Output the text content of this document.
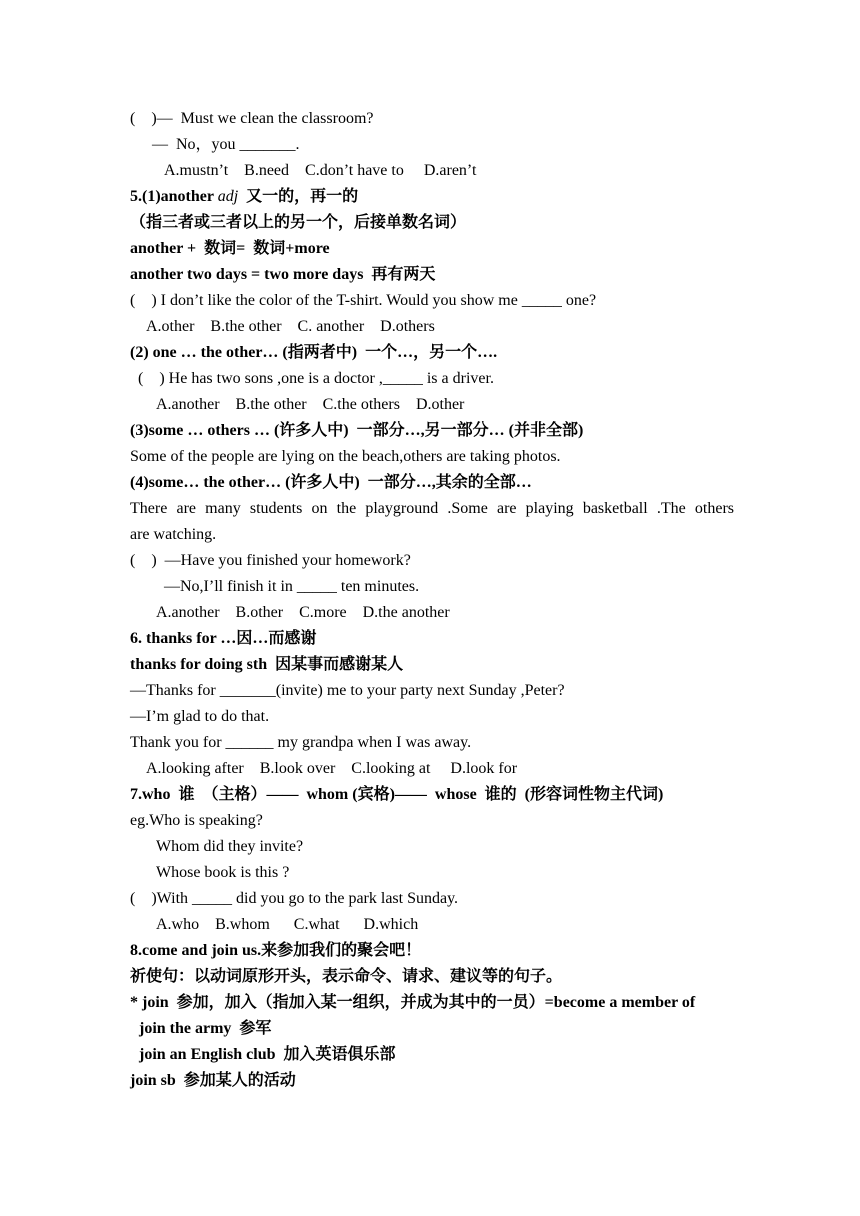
(    )—  Must we clean the classroom?
—  No，you _______.
A.mustn’t    B.need    C.don’t have to     D.aren’t
5.(1)another adj  又一的，再一的
（指三者或三者以上的另一个，后接单数名词）
another +  数词=  数词+more
another two days = two more days  再有两天
(    ) I don’t like the color of the T-shirt. Would you show me _____ one?
A.other    B.the other    C. another    D.others
(2) one … the other… (指两者中)  一个…，另一个….
(    ) He has two sons ,one is a doctor ,_____ is a driver.
A.another    B.the other    C.the others    D.other
(3)some … others … (许多人中)  一部分…,另一部分… (并非全部)
Some of the people are lying on the beach,others are taking photos.
(4)some… the other… (许多人中)  一部分…,其余的全部…
There are many students on the playground .Some are playing basketball .The others
are watching.
(    )  —Have you finished your homework?
—No,I’ll finish it in _____ ten minutes.
A.another    B.other    C.more    D.the another
6. thanks for …因…而感谢
thanks for doing sth  因某事而感谢某人
—Thanks for _______(invite) me to your party next Sunday ,Peter?
—I’m glad to do that.
Thank you for ______ my grandpa when I was away.
A.looking after    B.look over    C.looking at     D.look for
7.who  谁  （主格）——  whom (宾格)——  whose  谁的  (形容词性物主代词)
eg.Who is speaking?
Whom did they invite?
Whose book is this ?
(    )With _____ did you go to the park last Sunday.
A.who    B.whom      C.what      D.which
8.come and join us.来参加我们的聚会吧！
祈使句：以动词原形开头，表示命令、请求、建议等的句子。
* join  参加，加入（指加入某一组织，并成为其中的一员）=become a member of
join the army  参军
join an English club  加入英语俱乐部
join sb  参加某人的活动
